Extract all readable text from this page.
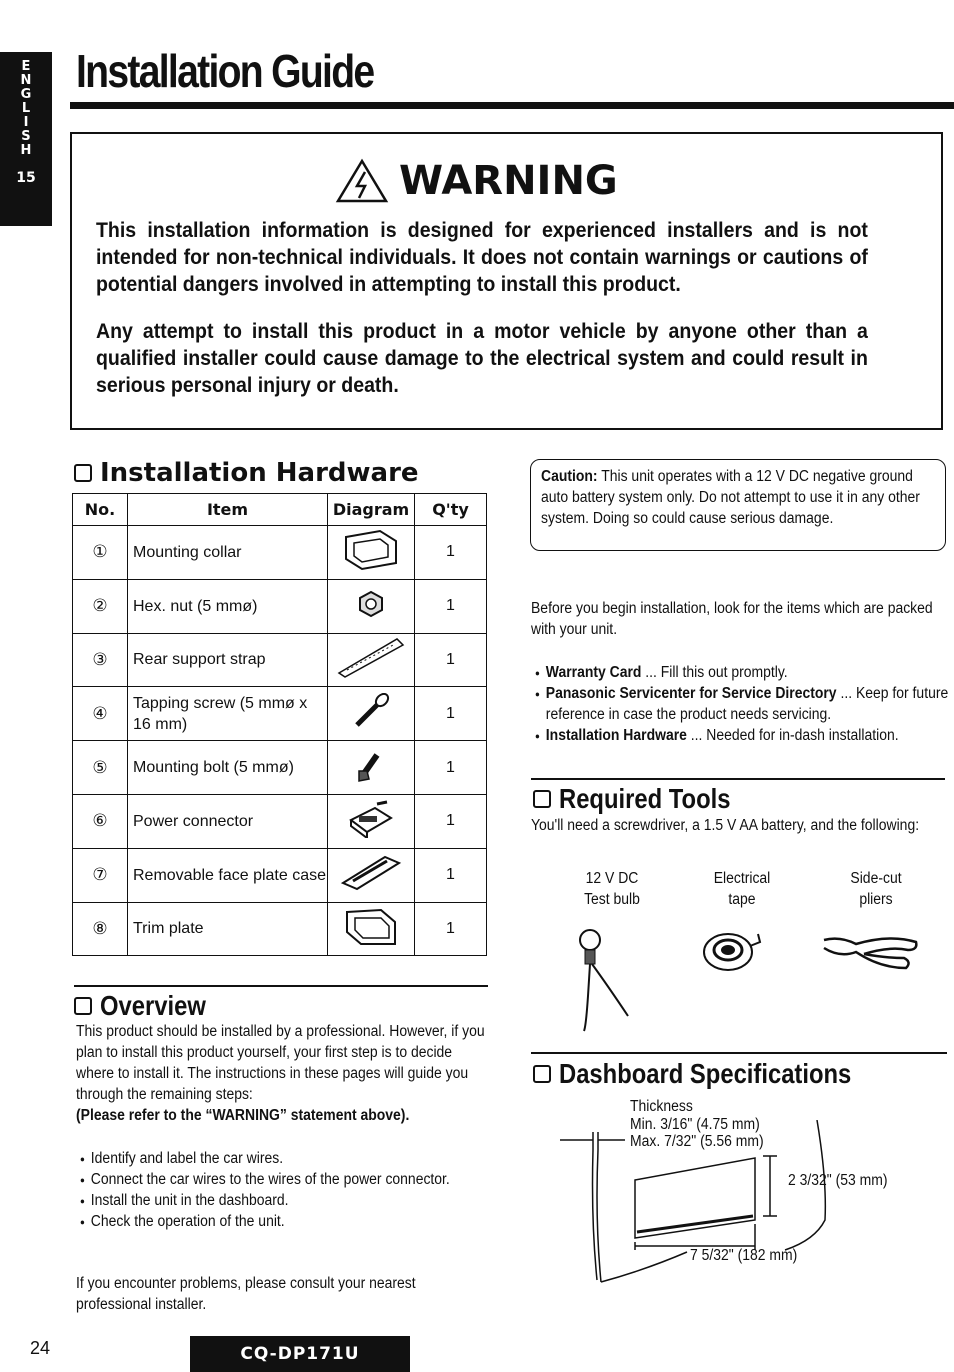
E
N
G
L
I
S
H
15
Installation Guide
WARNING
This installation information is designed for experienced installers and is not intended for non-technical individuals. It does not contain warnings or cautions of potential dangers involved in attempting to install this product.
Any attempt to install this product in a motor vehicle by anyone other than a qualified installer could cause damage to the electrical system and could result in serious personal injury or death.
Installation Hardware
No.	Item	Diagram	Q'ty
①	Mounting collar		1
②	Hex. nut (5 mmø)		1
③	Rear support strap		1
④	Tapping screw (5 mmø x 16 mm)		1
⑤	Mounting bolt (5 mmø)		1
⑥	Power connector		1
⑦	Removable face plate case		1
⑧	Trim plate		1
Overview
This product should be installed by a professional. However, if you plan to install this product yourself, your first step is to decide where to install it. The instructions in these pages will guide you through the remaining steps:
(Please refer to the “WARNING” statement above).
● Identify and label the car wires.
● Connect the car wires to the wires of the power connector.
● Install the unit in the dashboard.
● Check the operation of the unit.
If you encounter problems, please consult your nearest professional installer.
Caution: This unit operates with a 12 V DC negative ground auto battery system only. Do not attempt to use it in any other system. Doing so could cause serious damage.
Before you begin installation, look for the items which are packed with your unit.
● Warranty Card ... Fill this out promptly.
● Panasonic Servicenter for Service Directory ... Keep for future reference in case the product needs servicing.
● Installation Hardware ... Needed for in-dash installation.
Required Tools
You'll need a screwdriver, a 1.5 V AA battery, and the following:
12 V DC
Test bulb
Electrical
tape
Side-cut
pliers
Dashboard Specifications
Thickness
Min. 3/16" (4.75 mm)
Max. 7/32" (5.56 mm)
2 3/32" (53 mm)
7 5/32" (182 mm)
24	CQ-DP171U
